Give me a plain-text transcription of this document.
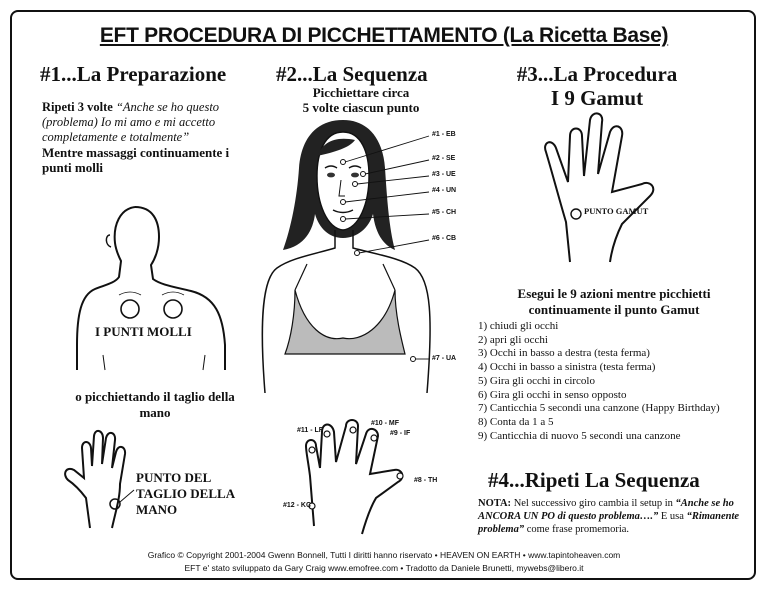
EFT PROCEDURA DI PICCHETTAMENTO (La Ricetta Base)
#1...La Preparazione
Ripeti 3 volte “Anche se ho questo (problema) Io mi amo e mi accetto completamente e totalmente”
Mentre massaggi continuamente i punti molli
I PUNTI MOLLI
o picchiettando il taglio della mano
PUNTO DEL TAGLIO DELLA MANO
#2...La Sequenza
Picchiettare circa
5 volte ciascun punto
#1 - EB
#2 - SE
#3 - UE
#4 - UN
#5 - CH
#6 - CB
#7 - UA
#11 - LF
#10 - MF
#9 - IF
#8 - TH
#12 - KC
#3...La Procedura
I 9 Gamut
PUNTO GAMUT
Esegui le 9 azioni mentre picchietti continuamente il punto Gamut
1) chiudi gli occhi
2) apri gli occhi
3) Occhi in basso a destra (testa ferma)
4) Occhi in basso a sinistra (testa ferma)
5) Gira gli occhi in circolo
6) Gira gli occhi in senso opposto
7) Canticchia 5 secondi una canzone (Happy Birthday)
8) Conta da 1 a 5
9) Canticchia di nuovo 5 secondi una canzone
#4...Ripeti La Sequenza
NOTA: Nel successivo giro cambia il setup in “Anche se ho ANCORA UN PO di questo problema….” E usa “Rimanente problema” come frase promemoria.
Grafico © Copyright 2001-2004 Gwenn Bonnell, Tutti I diritti hanno riservato • HEAVEN ON EARTH • www.tapintoheaven.com
EFT e' stato sviluppato da Gary Craig www.emofree.com • Tradotto da Daniele Brunetti, mywebs@libero.it
